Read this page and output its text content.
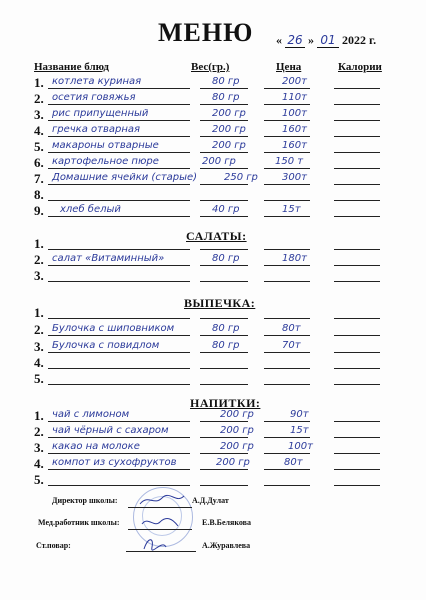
МЕНЮ « 26 » 01 2022 г.
Название блюд	Вес(гр.)	Цена	Калории
1. котлета куриная	80 гр	200т
2. осетия говяжья	80 гр	110т
3. рис припущенный	200 гр	100т
4. гречка отварная	200 гр	160т
5. макароны отварные	200 гр	160т
6. картофельное пюре	200 гр	150 т
7. Домашние ячейки (старые)	250 гр 300т
8.
9. хлеб белый	40 гр	15т
САЛАТЫ:
1.
2. салат «Витаминный»	80 гр	180т
3.
ВЫПЕЧКА:
1.
2. Булочка с шиповником	80 гр	80т
3. Булочка с повидлом	80 гр	70т
4.
5.
НАПИТКИ:
1. чай с лимоном	200 гр	90т
2. чай чёрный с сахаром	200 гр	15т
3. какао на молоке	200 гр	100т
4. компот из сухофруктов	200 гр	80т
5.
Директор школы:	А.Д.Дулат
Мед.работник школы:	Е.В.Белякова
Ст.повар:	А.Журавлева
